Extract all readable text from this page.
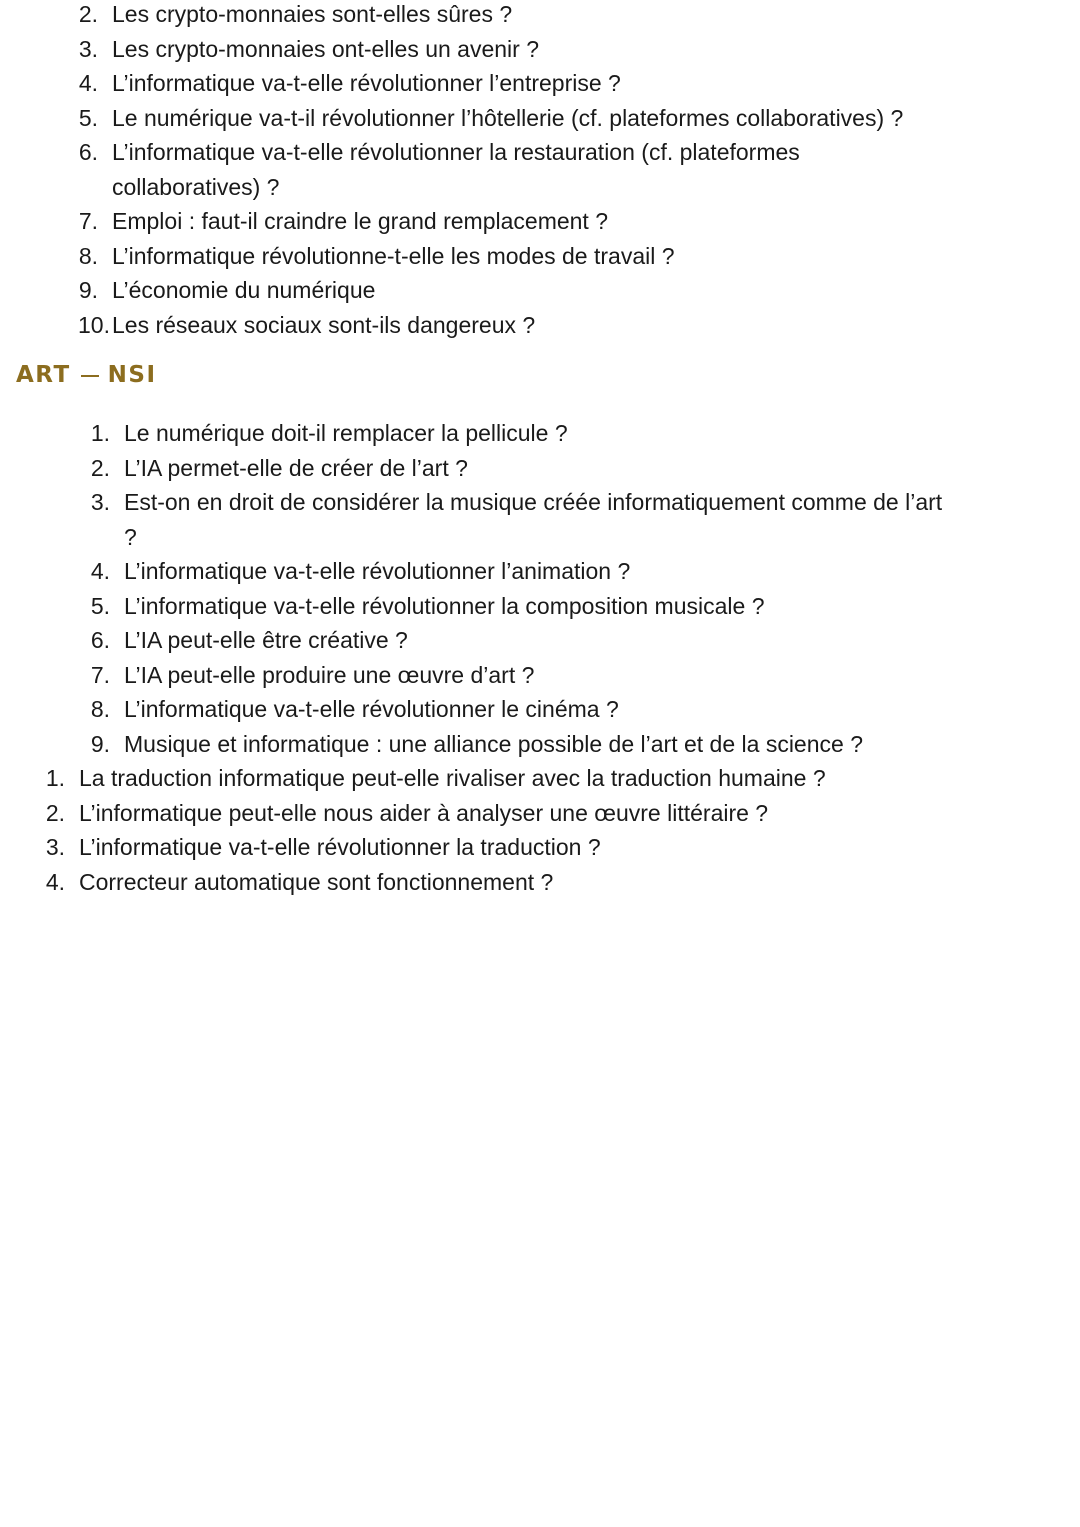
2. Les crypto-monnaies sont-elles sûres ?
3. Les crypto-monnaies ont-elles un avenir ?
4. L’informatique va-t-elle révolutionner l’entreprise ?
5. Le numérique va-t-il révolutionner l’hôtellerie (cf. plateformes collaboratives) ?
6. L’informatique va-t-elle révolutionner la restauration (cf. plateformes
collaboratives) ?
7. Emploi : faut-il craindre le grand remplacement ?
8. L’informatique révolutionne-t-elle les modes de travail ?
9. L’économie du numérique
10. Les réseaux sociaux sont-ils dangereux ?
ART NSI
1. Le numérique doit-il remplacer la pellicule ?
2. L’IA permet-elle de créer de l’art ?
3. Est-on en droit de considérer la musique créée informatiquement comme de l’art
?
4. L’informatique va-t-elle révolutionner l’animation ?
5. L’informatique va-t-elle révolutionner la composition musicale ?
6. L’IA peut-elle être créative ?
7. L’IA peut-elle produire une œuvre d’art ?
8. L’informatique va-t-elle révolutionner le cinéma ?
9. Musique et informatique : une alliance possible de l’art et de la science ?
1. La traduction informatique peut-elle rivaliser avec la traduction humaine ?
2. L’informatique peut-elle nous aider à analyser une œuvre littéraire ?
3. L’informatique va-t-elle révolutionner la traduction ?
4. Correcteur automatique sont fonctionnement ?
